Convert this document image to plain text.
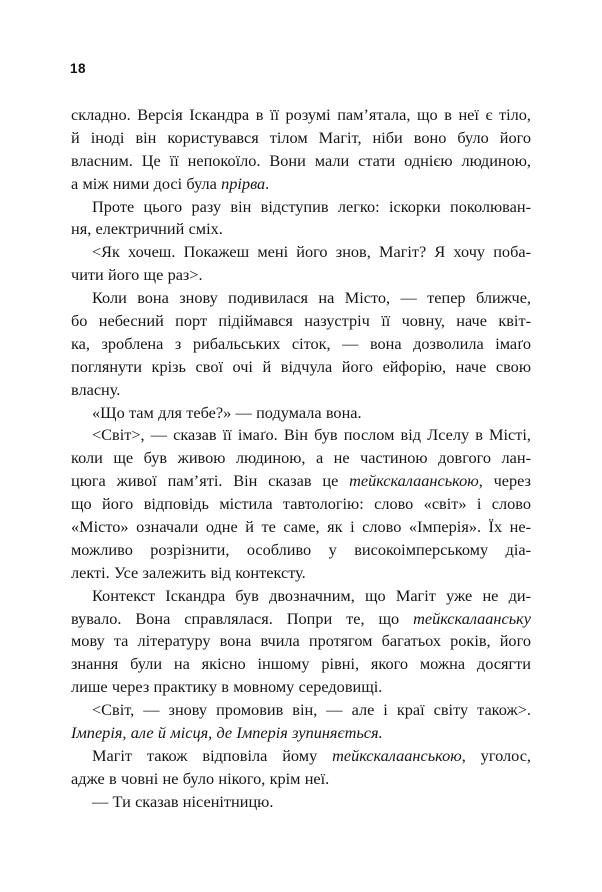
18
складно. Версія Іскандра в її розумі пам’ятала, що в неї є тіло,
й іноді він користувався тілом Магіт, ніби воно було його
власним. Це її непокоїло. Вони мали стати однією людиною,
а між ними досі була прірва.
Проте цього разу він відступив легко: іскорки поколюван-
ня, електричний сміх.
<Як хочеш. Покажеш мені його знов, Магіт? Я хочу поба-
чити його ще раз>.
Коли вона знову подивилася на Місто, — тепер ближче,
бо небесний порт підіймався назустріч її човну, наче квіт-
ка, зроблена з рибальських сіток, — вона дозволила імаґо
поглянути крізь свої очі й відчула його ейфорію, наче свою
власну.
«Що там для тебе?» — подумала вона.
<Світ>, — сказав її імаґо. Він був послом від Лселу в Місті,
коли ще був живою людиною, а не частиною довгого лан-
цюга живої пам’яті. Він сказав це тейкскалаанською, через
що його відповідь містила тавтологію: слово «світ» і слово
«Місто» означали одне й те саме, як і слово «Імперія». Їх не-
можливо розрізнити, особливо у високоімперському діа-
лекті. Усе залежить від контексту.
Контекст Іскандра був двозначним, що Магіт уже не ди-
вувало. Вона справлялася. Попри те, що тейкскалаанську
мову та літературу вона вчила протягом багатьох років, його
знання були на якісно іншому рівні, якого можна досягти
лише через практику в мовному середовищі.
<Світ, — знову промовив він, — але і краї світу також>.
Імперія, але й місця, де Імперія зупиняється.
Магіт також відповіла йому тейкскалаанською, уголос,
адже в човні не було нікого, крім неї.
— Ти сказав нісенітницю.
